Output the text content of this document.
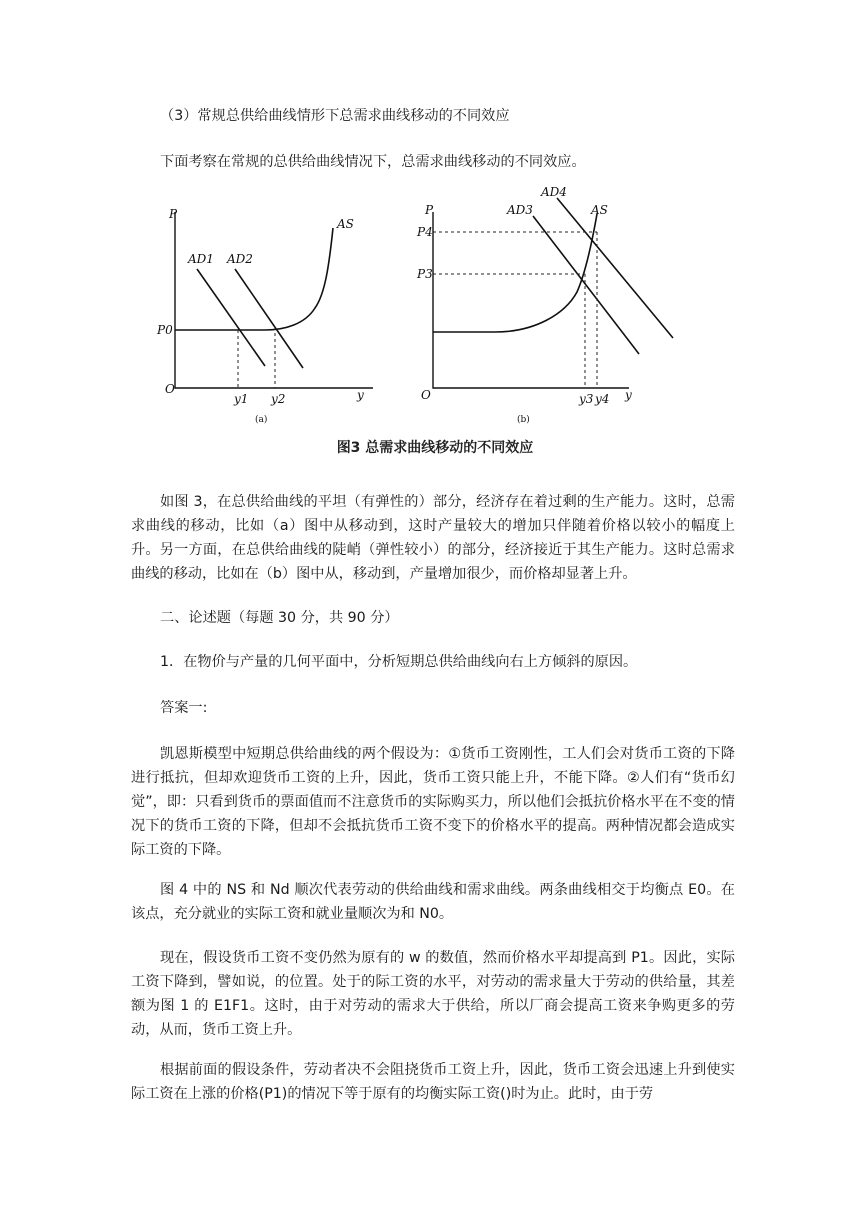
（3）常规总供给曲线情形下总需求曲线移动的不同效应

下面考察在常规的总供给曲线情况下，总需求曲线移动的不同效应。

P
O	y
P0
AS
AD1 AD2
y1 y2
(a)
P
O	y
P4
P3
AS
AD3
AD4
y3 y4
(b)
图3 总需求曲线移动的不同效应

如图 3，在总供给曲线的平坦（有弹性的）部分，经济存在着过剩的生产能力。这时，总需求曲线的移动，比如（a）图中从移动到，这时产量较大的增加只伴随着价格以较小的幅度上升。另一方面，在总供给曲线的陡峭（弹性较小）的部分，经济接近于其生产能力。这时总需求曲线的移动，比如在（b）图中从，移动到，产量增加很少，而价格却显著上升。

二、论述题（每题 30 分，共 90 分）

1．在物价与产量的几何平面中，分析短期总供给曲线向右上方倾斜的原因。

答案一:

凯恩斯模型中短期总供给曲线的两个假设为：①货币工资刚性，工人们会对货币工资的下降进行抵抗，但却欢迎货币工资的上升，因此，货币工资只能上升，不能下降。②人们有“货币幻觉”，即：只看到货币的票面值而不注意货币的实际购买力，所以他们会抵抗价格水平在不变的情况下的货币工资的下降，但却不会抵抗货币工资不变下的价格水平的提高。两种情况都会造成实际工资的下降。

图 4 中的 NS 和 Nd 顺次代表劳动的供给曲线和需求曲线。两条曲线相交于均衡点 E0。在该点，充分就业的实际工资和就业量顺次为和 N0。

现在，假设货币工资不变仍然为原有的 w 的数值，然而价格水平却提高到 P1。因此，实际工资下降到，譬如说，的位置。处于的际工资的水平，对劳动的需求量大于劳动的供给量，其差额为图 1 的 E1F1。这时，由于对劳动的需求大于供给，所以厂商会提高工资来争购更多的劳动，从而，货币工资上升。

根据前面的假设条件，劳动者决不会阻挠货币工资上升，因此，货币工资会迅速上升到使实际工资在上涨的价格(P1)的情况下等于原有的均衡实际工资()时为止。此时，由于劳
